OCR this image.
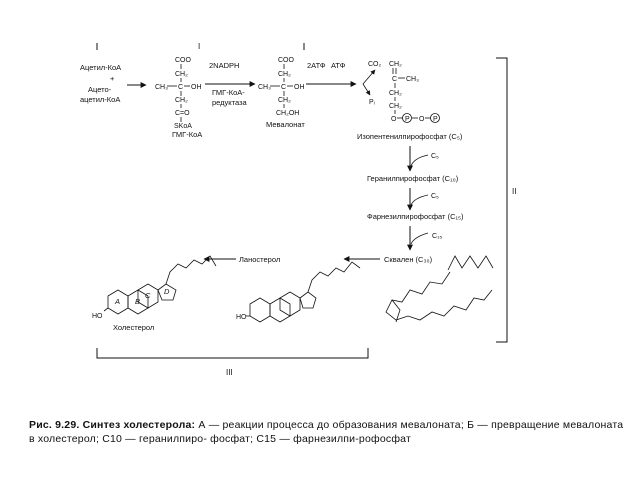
I
Ацетил-КоА
+
Ацето-
ацетил-КоА
COO
CH₂
CH₃ C OH
CH₂
C=O
SKoA
ГМГ-КоА
2NADPH
ГМГ-КоА-
редуктаза
COO
CH₂
CH₃ C OH
CH₂
CH₂OH
Мевалонат
2АТФ АТФ	CO₂
Pᵢ
CH₂
C CH₃
CH₂
CH₂
O P O P
Изопентенилпирофосфат (С₅)
С₅
Геранилпирофосфат (С₁₀)
С₅
Фарнезилпирофосфат (С₁₅)
С₁₅
Сквален (С₃₀)
Ланостерол
HO
A B
C D
HO
Холестерол
II
III
Рис. 9.29. Синтез холестерола: А — реакции процесса до образования мевалоната; Б — превращение мевалоната в холестерол; С10 — геранилпиро- фосфат; С15 — фарнезилпи-рофосфат
